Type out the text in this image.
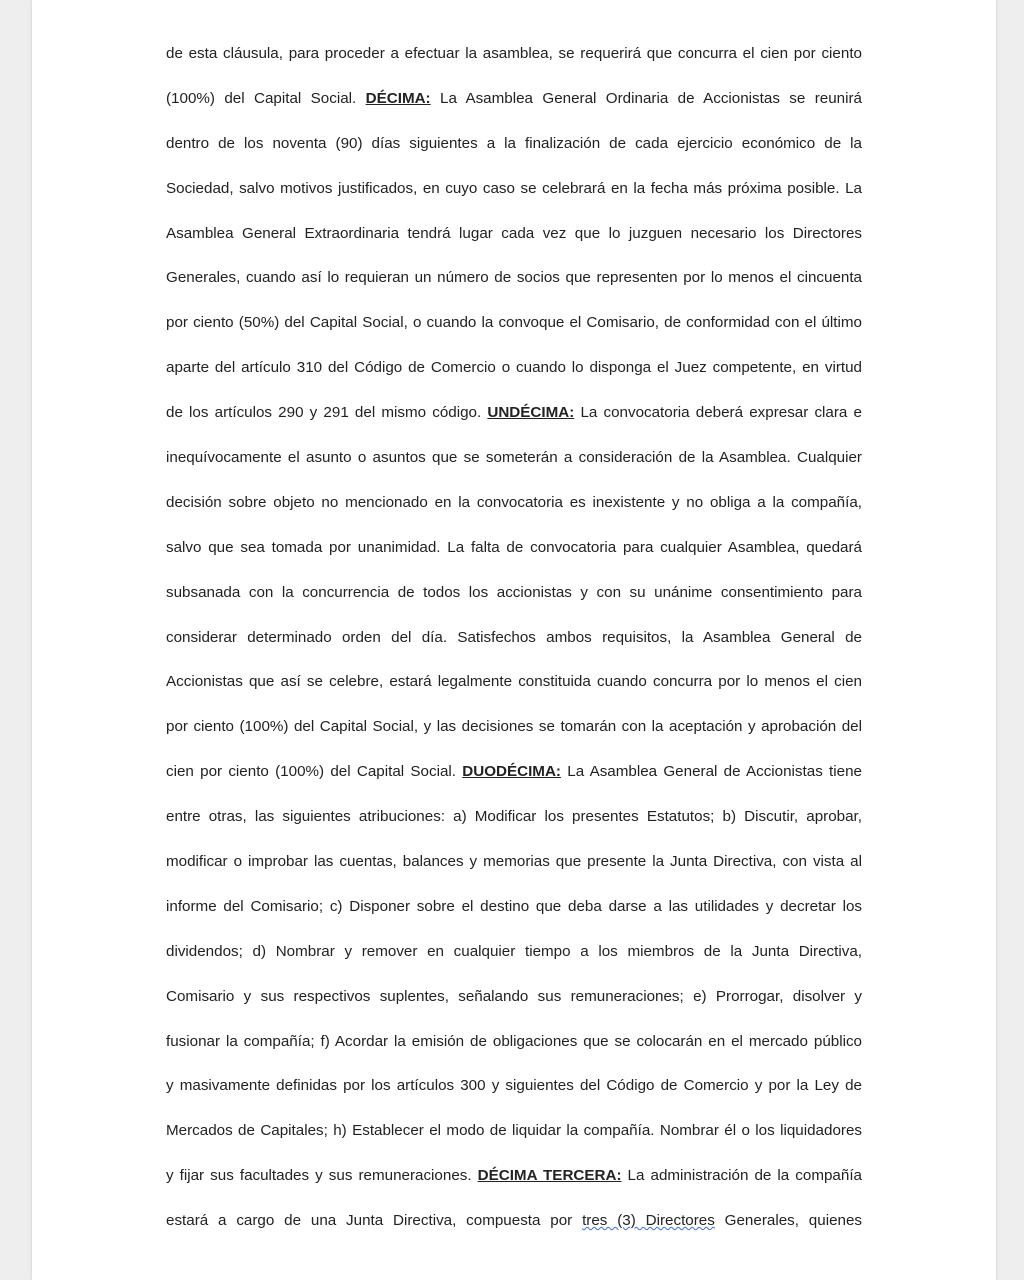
de esta cláusula, para proceder a efectuar la asamblea, se requerirá que concurra el cien por ciento
(100%) del Capital Social. DÉCIMA: La Asamblea General Ordinaria de Accionistas se reunirá
dentro de los noventa (90) días siguientes a la finalización de cada ejercicio económico de la
Sociedad, salvo motivos justificados, en cuyo caso se celebrará en la fecha más próxima posible. La
Asamblea General Extraordinaria tendrá lugar cada vez que lo juzguen necesario los Directores
Generales, cuando así lo requieran un número de socios que representen por lo menos el cincuenta
por ciento (50%) del Capital Social, o cuando la convoque el Comisario, de conformidad con el último
aparte del artículo 310 del Código de Comercio o cuando lo disponga el Juez competente, en virtud
de los artículos 290 y 291 del mismo código. UNDÉCIMA: La convocatoria deberá expresar clara e
inequívocamente el asunto o asuntos que se someterán a consideración de la Asamblea. Cualquier
decisión sobre objeto no mencionado en la convocatoria es inexistente y no obliga a la compañía,
salvo que sea tomada por unanimidad. La falta de convocatoria para cualquier Asamblea, quedará
subsanada con la concurrencia de todos los accionistas y con su unánime consentimiento para
considerar determinado orden del día. Satisfechos ambos requisitos, la Asamblea General de
Accionistas que así se celebre, estará legalmente constituida cuando concurra por lo menos el cien
por ciento (100%) del Capital Social, y las decisiones se tomarán con la aceptación y aprobación del
cien por ciento (100%) del Capital Social. DUODÉCIMA: La Asamblea General de Accionistas tiene
entre otras, las siguientes atribuciones: a) Modificar los presentes Estatutos; b) Discutir, aprobar,
modificar o improbar las cuentas, balances y memorias que presente la Junta Directiva, con vista al
informe del Comisario; c) Disponer sobre el destino que deba darse a las utilidades y decretar los
dividendos; d) Nombrar y remover en cualquier tiempo a los miembros de la Junta Directiva,
Comisario y sus respectivos suplentes, señalando sus remuneraciones; e) Prorrogar, disolver y
fusionar la compañía; f) Acordar la emisión de obligaciones que se colocarán en el mercado público
y masivamente definidas por los artículos 300 y siguientes del Código de Comercio y por la Ley de
Mercados de Capitales; h) Establecer el modo de liquidar la compañía. Nombrar él o los liquidadores
y fijar sus facultades y sus remuneraciones. DÉCIMA TERCERA: La administración de la compañía
estará a cargo de una Junta Directiva, compuesta por tres (3) Directores Generales, quienes
